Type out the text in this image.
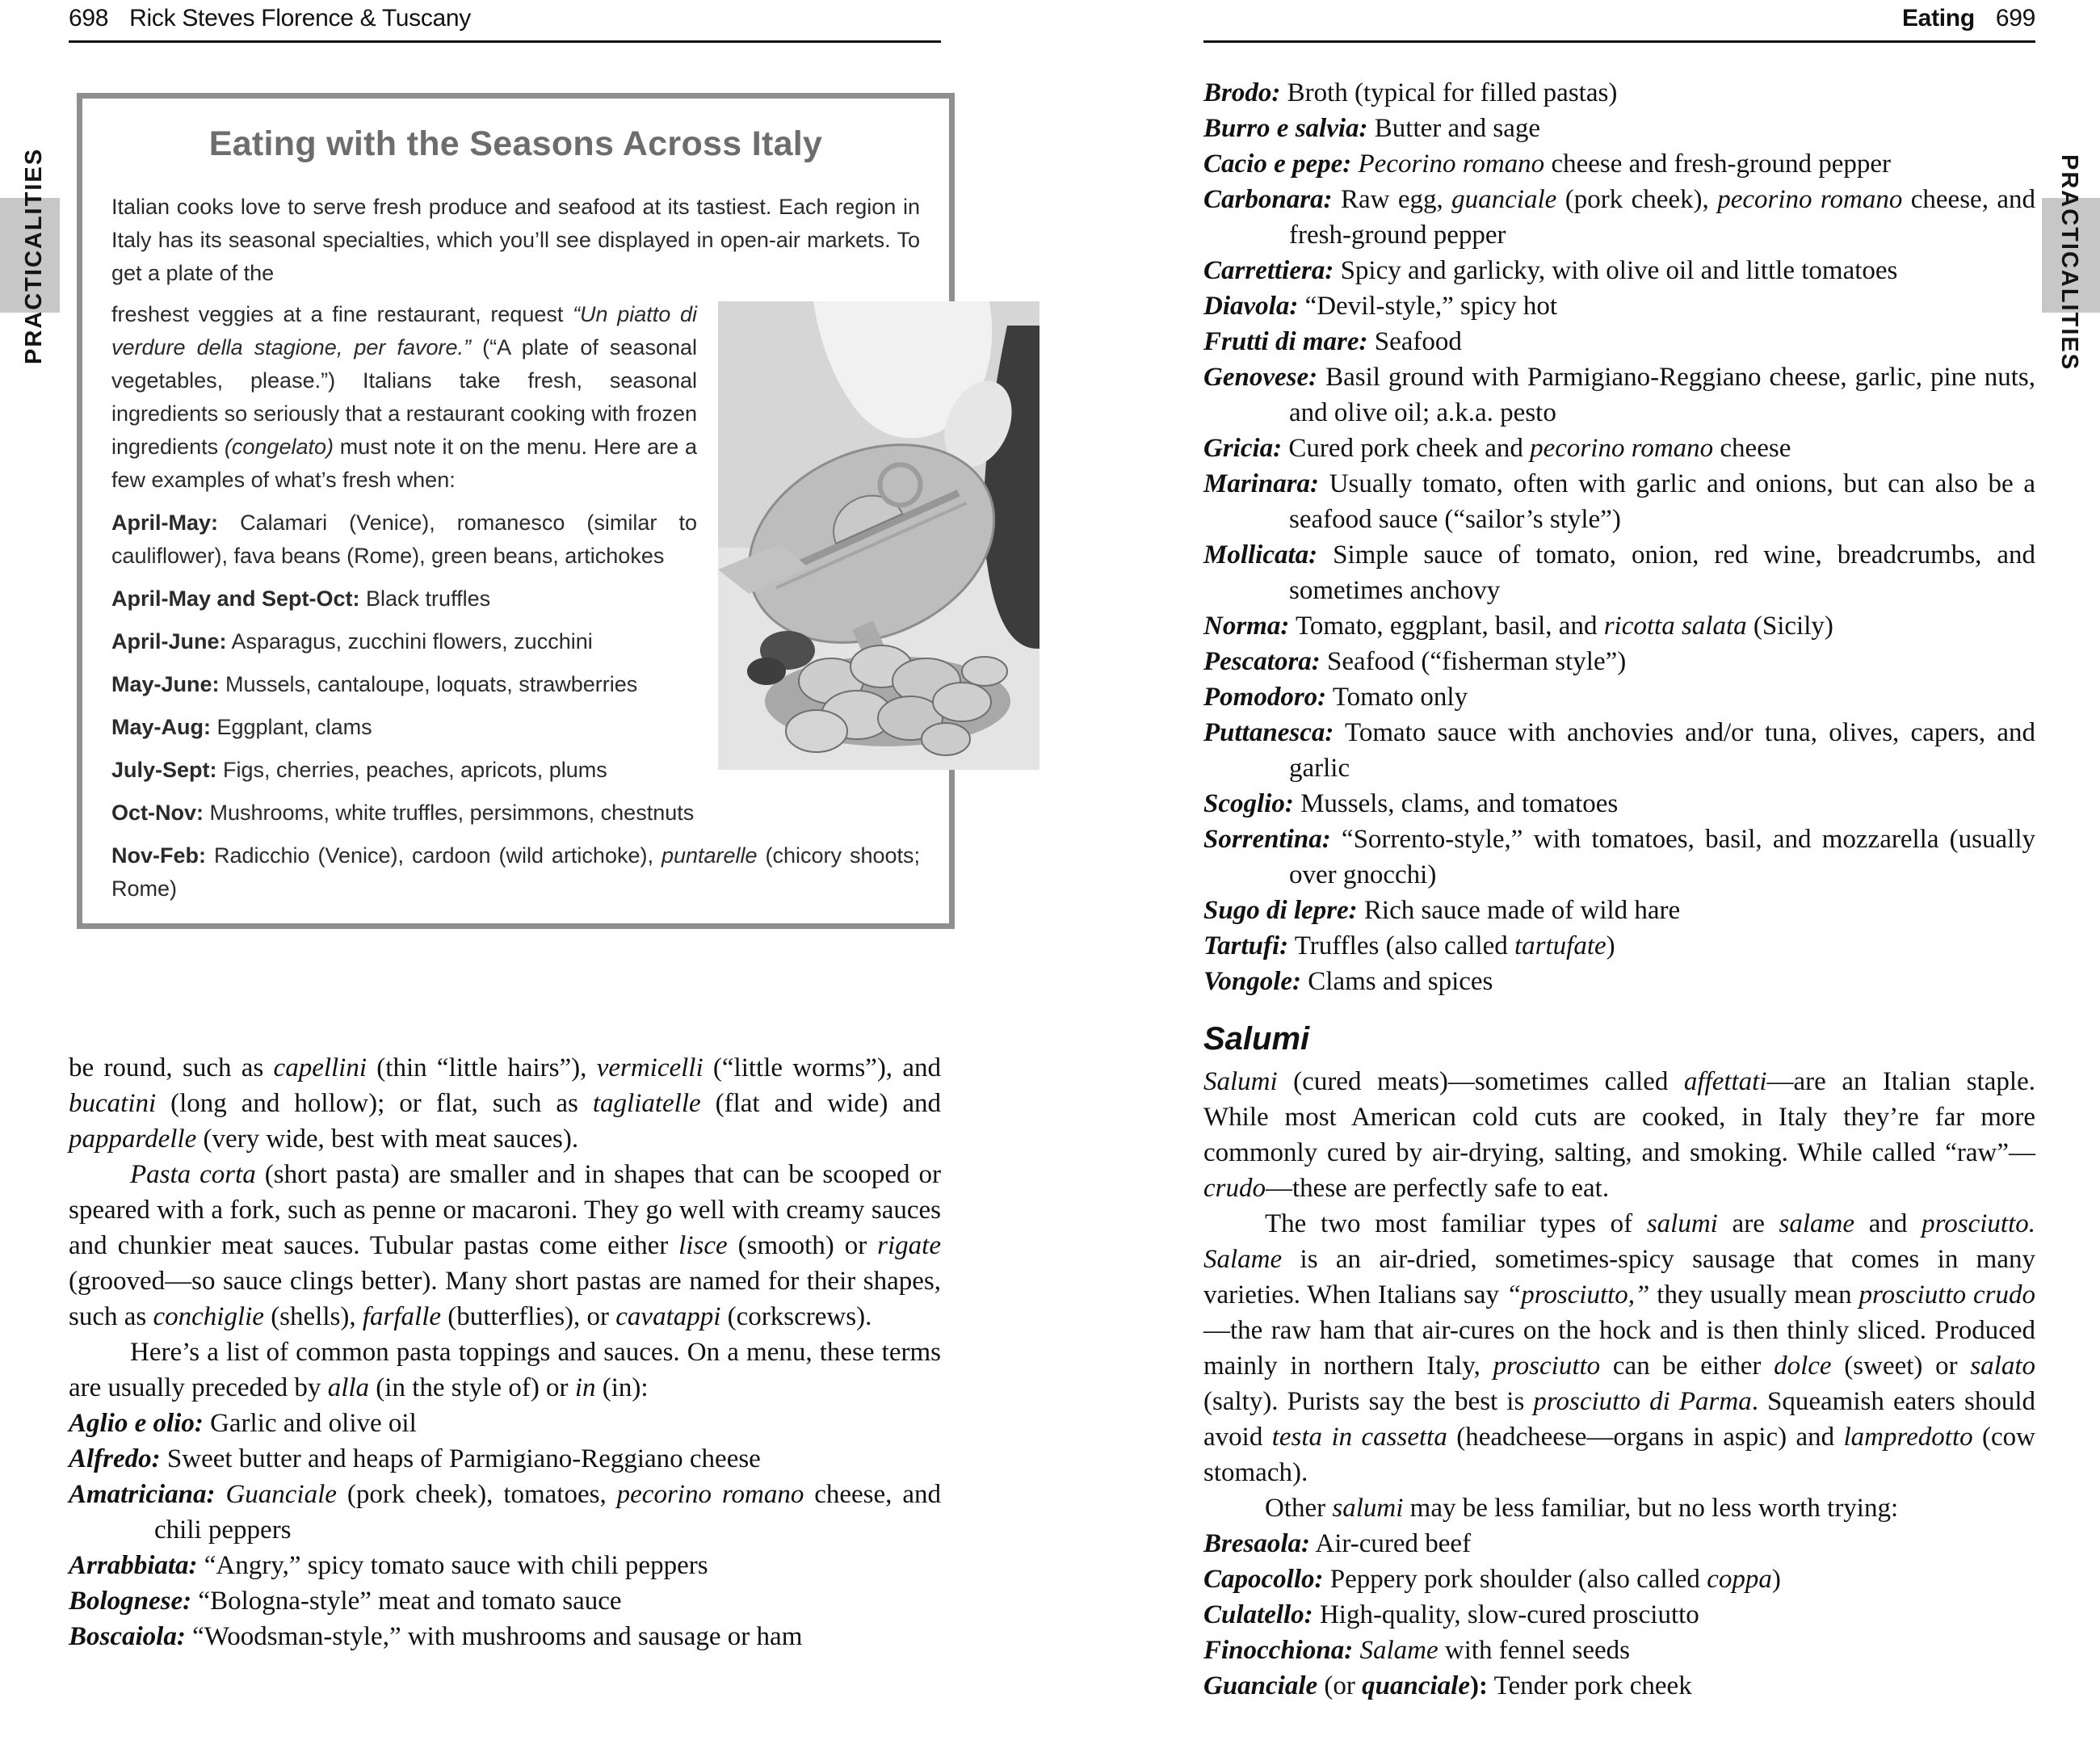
PRACTICALITIES	PRACTICALITIES
698 Rick Steves Florence & Tuscany	Eating 699
Eating with the Seasons Across Italy

Italian cooks love to serve fresh produce and seafood at its tastiest. Each region in Italy has its seasonal specialties, which you’ll see displayed in open-air markets. To get a plate of the

freshest veggies at a fine restaurant, request “Un piatto di verdure della stagione, per favore.” (“A plate of seasonal vegetables, please.”) Italians take fresh, seasonal ingredients so seriously that a restaurant cooking with frozen ingredients (congelato) must note it on the menu. Here are a few examples of what’s fresh when:

April-May: Calamari (Venice), romanesco (similar to cauliflower), fava beans (Rome), green beans, artichokes
April-May and Sept-Oct: Black truffles
April-June: Asparagus, zucchini flowers, zucchini
May-June: Mussels, cantaloupe, loquats, strawberries
May-Aug: Eggplant, clams
July-Sept: Figs, cherries, peaches, apricots, plums
Oct-Nov: Mushrooms, white truffles, persimmons, chestnuts
Nov-Feb: Radicchio (Venice), cardoon (wild artichoke), puntarelle (chicory shoots; Rome)

be round, such as capellini (thin “little hairs”), vermicelli (“little worms”), and bucatini (long and hollow); or flat, such as tagliatelle (flat and wide) and pappardelle (very wide, best with meat sauces).

Pasta corta (short pasta) are smaller and in shapes that can be scooped or speared with a fork, such as penne or macaroni. They go well with creamy sauces and chunkier meat sauces. Tubular pastas come either lisce (smooth) or rigate (grooved—so sauce clings better). Many short pastas are named for their shapes, such as conchiglie (shells), farfalle (butterflies), or cavatappi (corkscrews).

Here’s a list of common pasta toppings and sauces. On a menu, these terms are usually preceded by alla (in the style of) or in (in):

Aglio e olio: Garlic and olive oil
Alfredo: Sweet butter and heaps of Parmigiano-Reggiano cheese
Amatriciana: Guanciale (pork cheek), tomatoes, pecorino romano cheese, and chili peppers
Arrabbiata: “Angry,” spicy tomato sauce with chili peppers
Bolognese: “Bologna-style” meat and tomato sauce
Boscaiola: “Woodsman-style,” with mushrooms and sausage or ham
Brodo: Broth (typical for filled pastas)
Burro e salvia: Butter and sage
Cacio e pepe: Pecorino romano cheese and fresh-ground pepper
Carbonara: Raw egg, guanciale (pork cheek), pecorino romano cheese, and fresh-ground pepper
Carrettiera: Spicy and garlicky, with olive oil and little tomatoes
Diavola: “Devil-style,” spicy hot
Frutti di mare: Seafood
Genovese: Basil ground with Parmigiano-Reggiano cheese, garlic, pine nuts, and olive oil; a.k.a. pesto
Gricia: Cured pork cheek and pecorino romano cheese
Marinara: Usually tomato, often with garlic and onions, but can also be a seafood sauce (“sailor’s style”)
Mollicata: Simple sauce of tomato, onion, red wine, breadcrumbs, and sometimes anchovy
Norma: Tomato, eggplant, basil, and ricotta salata (Sicily)
Pescatora: Seafood (“fisherman style”)
Pomodoro: Tomato only
Puttanesca: Tomato sauce with anchovies and/or tuna, olives, capers, and garlic
Scoglio: Mussels, clams, and tomatoes
Sorrentina: “Sorrento-style,” with tomatoes, basil, and mozzarella (usually over gnocchi)
Sugo di lepre: Rich sauce made of wild hare
Tartufi: Truffles (also called tartufate)
Vongole: Clams and spices
Salumi

Salumi (cured meats)—sometimes called affettati—are an Italian staple. While most American cold cuts are cooked, in Italy they’re far more commonly cured by air-drying, salting, and smoking. While called “raw”—crudo—these are perfectly safe to eat.

The two most familiar types of salumi are salame and prosciutto. Salame is an air-dried, sometimes-spicy sausage that comes in many varieties. When Italians say “prosciutto,” they usually mean prosciutto crudo—the raw ham that air-cures on the hock and is then thinly sliced. Produced mainly in northern Italy, prosciutto can be either dolce (sweet) or salato (salty). Purists say the best is prosciutto di Parma. Squeamish eaters should avoid testa in cassetta (headcheese—organs in aspic) and lampredotto (cow stomach).

Other salumi may be less familiar, but no less worth trying:

Bresaola: Air-cured beef
Capocollo: Peppery pork shoulder (also called coppa)
Culatello: High-quality, slow-cured prosciutto
Finocchiona: Salame with fennel seeds
Guanciale (or quanciale): Tender pork cheek
